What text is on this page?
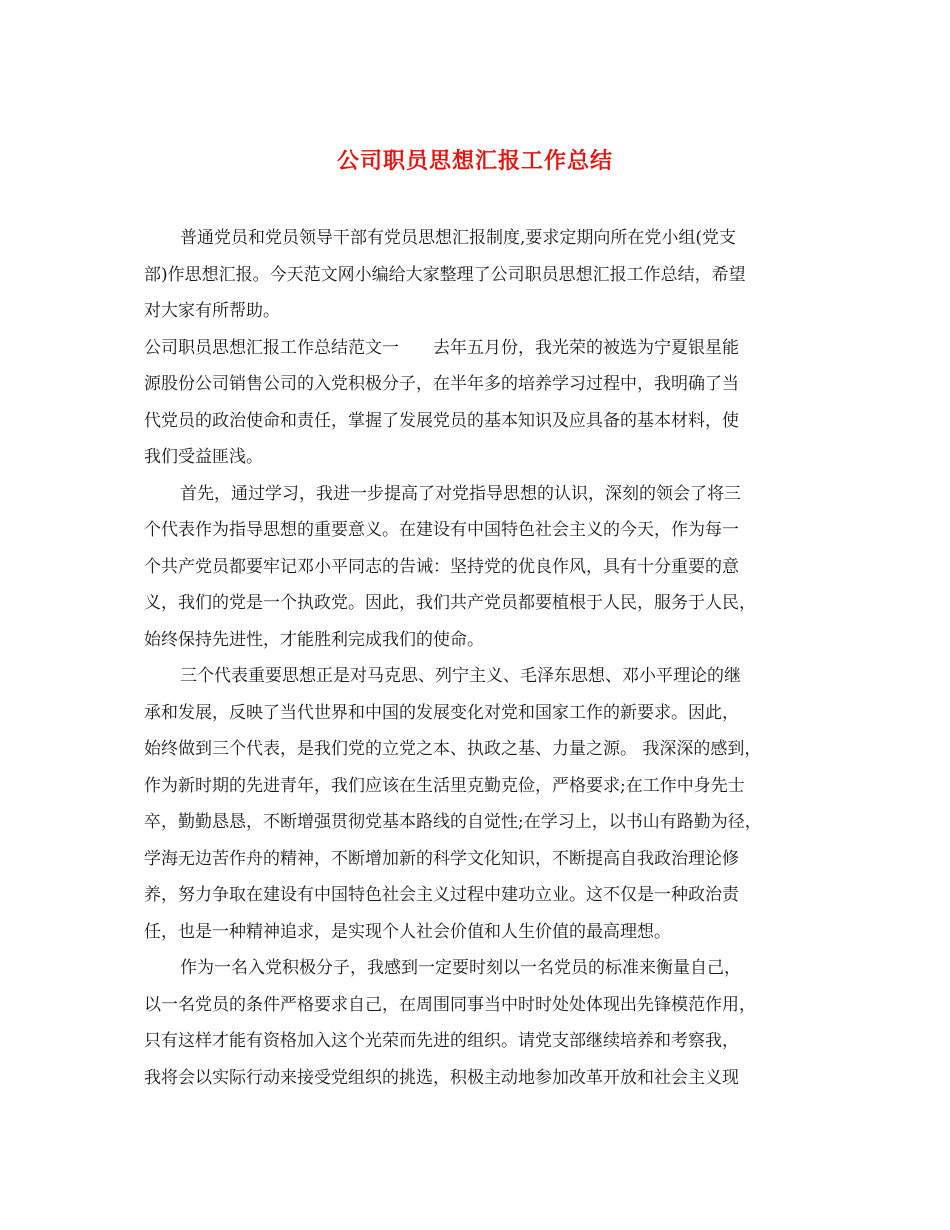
公司职员思想汇报工作总结
普通党员和党员领导干部有党员思想汇报制度,要求定期向所在党小组(党支
部)作思想汇报。今天范文网小编给大家整理了公司职员思想汇报工作总结，希望
对大家有所帮助。
公司职员思想汇报工作总结范文一　　去年五月份，我光荣的被选为宁夏银星能
源股份公司销售公司的入党积极分子，在半年多的培养学习过程中，我明确了当
代党员的政治使命和责任，掌握了发展党员的基本知识及应具备的基本材料，使
我们受益匪浅。
首先，通过学习，我进一步提高了对党指导思想的认识，深刻的领会了将三
个代表作为指导思想的重要意义。在建设有中国特色社会主义的今天，作为每一
个共产党员都要牢记邓小平同志的告诫：坚持党的优良作风，具有十分重要的意
义，我们的党是一个执政党。因此，我们共产党员都要植根于人民，服务于人民，
始终保持先进性，才能胜利完成我们的使命。
三个代表重要思想正是对马克思、列宁主义、毛泽东思想、邓小平理论的继
承和发展，反映了当代世界和中国的发展变化对党和国家工作的新要求。因此，
始终做到三个代表，是我们党的立党之本、执政之基、力量之源。 我深深的感到，
作为新时期的先进青年，我们应该在生活里克勤克俭，严格要求;在工作中身先士
卒，勤勤恳恳，不断增强贯彻党基本路线的自觉性;在学习上，以书山有路勤为径，
学海无边苦作舟的精神，不断增加新的科学文化知识，不断提高自我政治理论修
养，努力争取在建设有中国特色社会主义过程中建功立业。这不仅是一种政治责
任，也是一种精神追求，是实现个人社会价值和人生价值的最高理想。
作为一名入党积极分子，我感到一定要时刻以一名党员的标准来衡量自己，
以一名党员的条件严格要求自己，在周围同事当中时时处处体现出先锋模范作用，
只有这样才能有资格加入这个光荣而先进的组织。请党支部继续培养和考察我，
我将会以实际行动来接受党组织的挑选，积极主动地参加改革开放和社会主义现
